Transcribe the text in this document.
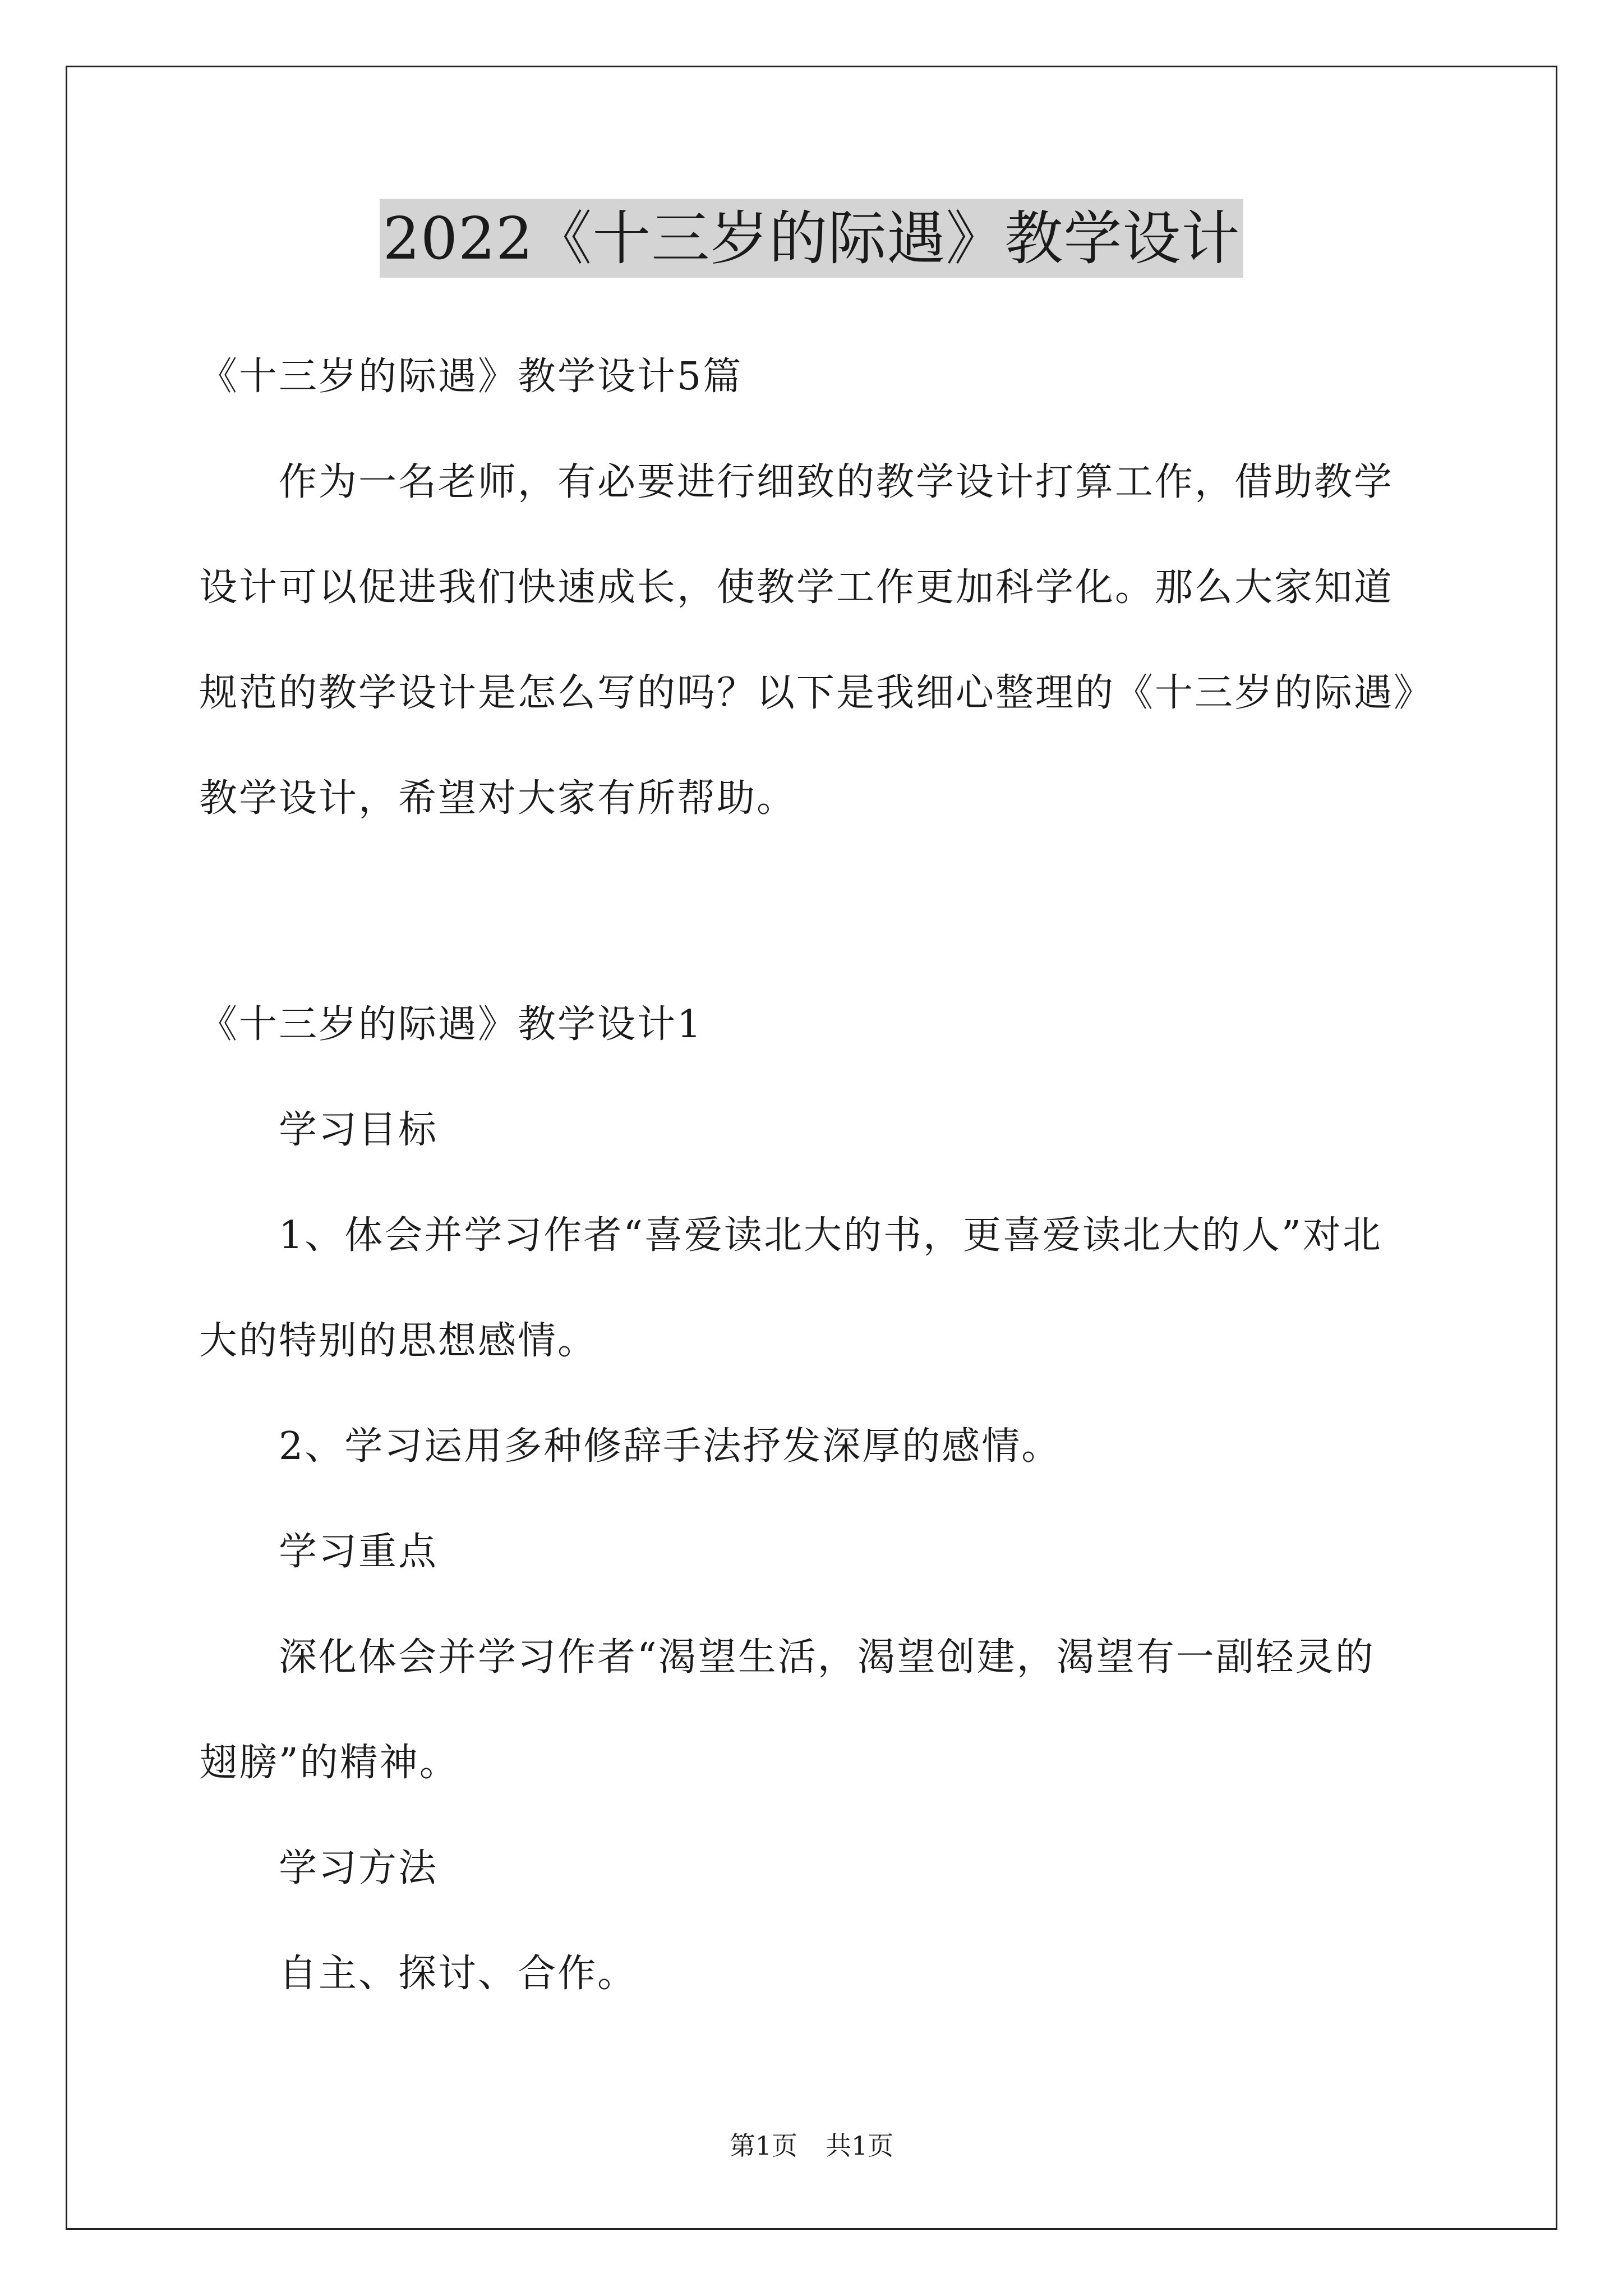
2022《十三岁的际遇》教学设计
《十三岁的际遇》教学设计5篇
作为一名老师，有必要进行细致的教学设计打算工作，借助教学
设计可以促进我们快速成长，使教学工作更加科学化。那么大家知道
规范的教学设计是怎么写的吗？以下是我细心整理的《十三岁的际遇》
教学设计，希望对大家有所帮助。
《十三岁的际遇》教学设计1
学习目标
1、体会并学习作者“喜爱读北大的书，更喜爱读北大的人”对北
大的特别的思想感情。
2、学习运用多种修辞手法抒发深厚的感情。
学习重点
深化体会并学习作者“渴望生活，渴望创建，渴望有一副轻灵的
翅膀”的精神。
学习方法
自主、探讨、合作。
第1页 共1页
